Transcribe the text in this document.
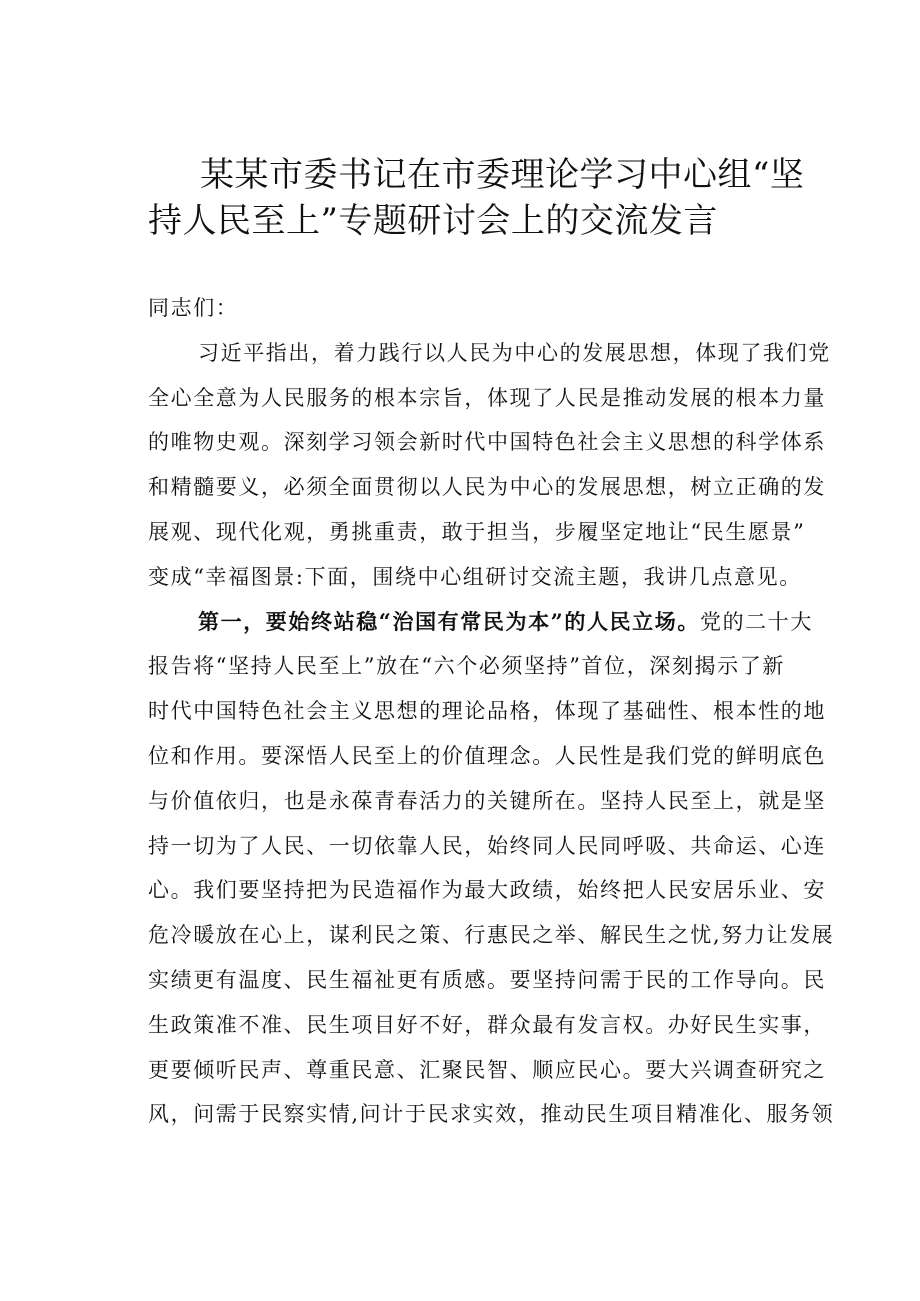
某某市委书记在市委理论学习中心组“坚
持人民至上”专题研讨会上的交流发言
同志们：
习近平指出，着力践行以人民为中心的发展思想，体现了我们党
全心全意为人民服务的根本宗旨，体现了人民是推动发展的根本力量
的唯物史观。深刻学习领会新时代中国特色社会主义思想的科学体系
和精髓要义，必须全面贯彻以人民为中心的发展思想，树立正确的发
展观、现代化观，勇挑重责，敢于担当，步履坚定地让“民生愿景”
变成“幸福图景:下面，围绕中心组研讨交流主题，我讲几点意见。
第一，要始终站稳“治国有常民为本”的人民立场。党的二十大
报告将“坚持人民至上”放在“六个必须坚持”首位，深刻揭示了新
时代中国特色社会主义思想的理论品格，体现了基础性、根本性的地
位和作用。要深悟人民至上的价值理念。人民性是我们党的鲜明底色
与价值依归，也是永葆青春活力的关键所在。坚持人民至上，就是坚
持一切为了人民、一切依靠人民，始终同人民同呼吸、共命运、心连
心。我们要坚持把为民造福作为最大政绩，始终把人民安居乐业、安
危冷暖放在心上，谋利民之策、行惠民之举、解民生之忧,努力让发展
实绩更有温度、民生福祉更有质感。要坚持问需于民的工作导向。民
生政策准不准、民生项目好不好，群众最有发言权。办好民生实事，
更要倾听民声、尊重民意、汇聚民智、顺应民心。要大兴调查研究之
风，问需于民察实情,问计于民求实效，推动民生项目精准化、服务领
